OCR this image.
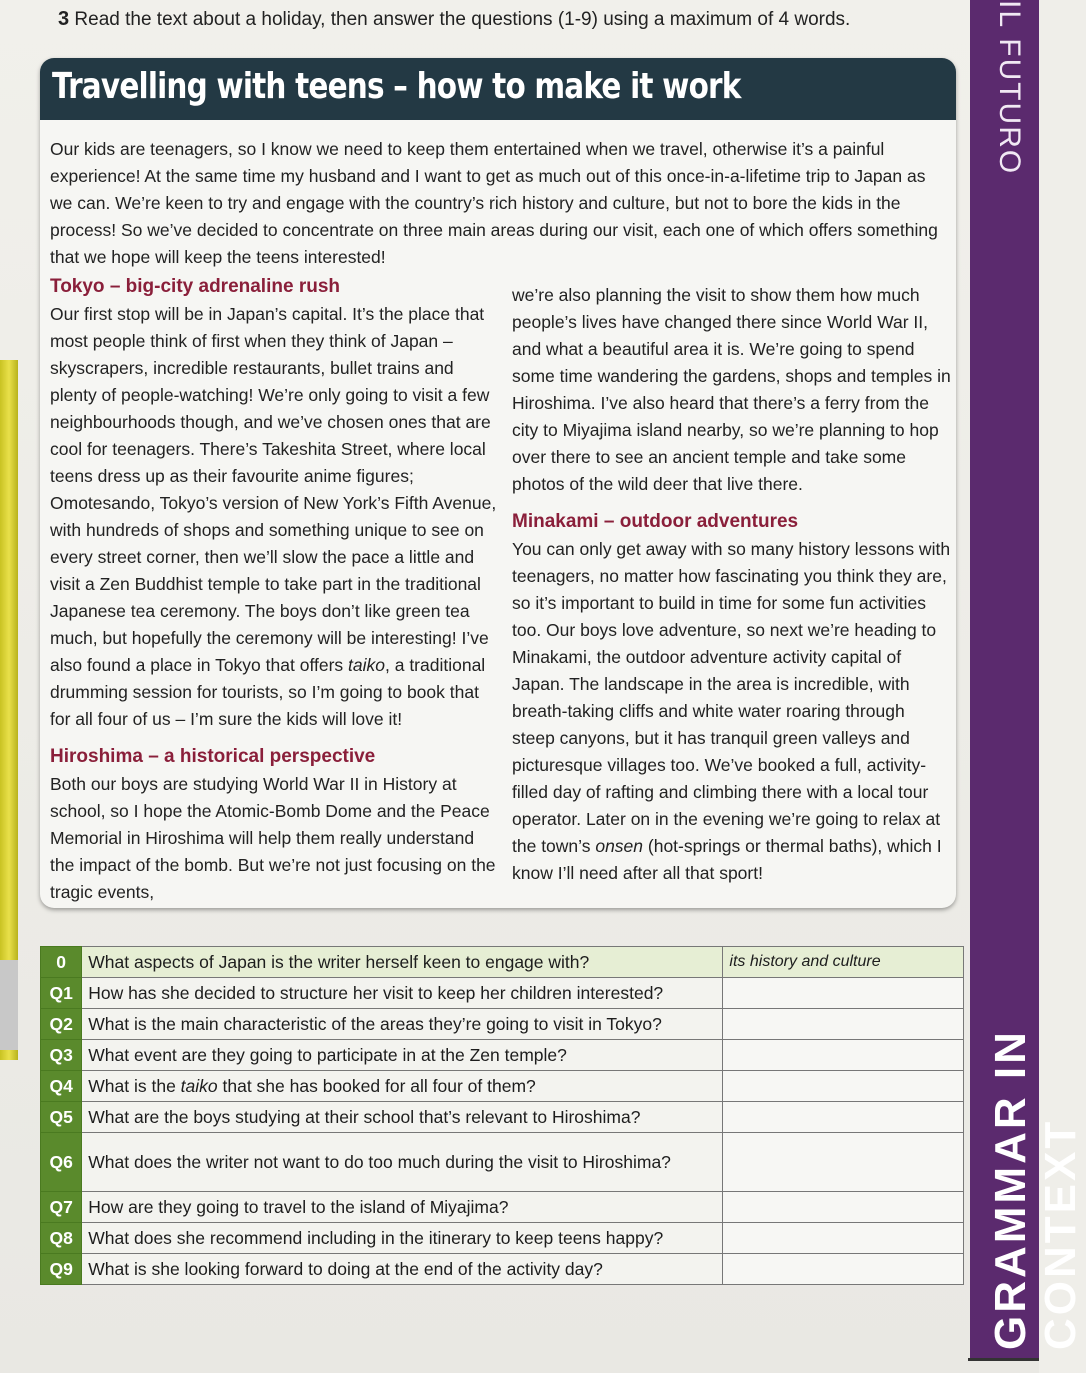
IL FUTURO
GRAMMAR IN CONTEXT
3 Read the text about a holiday, then answer the questions (1-9) using a maximum of 4 words.
Travelling with teens – how to make it work
Our kids are teenagers, so I know we need to keep them entertained when we travel, otherwise it’s a painful experience! At the same time my husband and I want to get as much out of this once-in-a-lifetime trip to Japan as we can. We’re keen to try and engage with the country’s rich history and culture, but not to bore the kids in the process! So we’ve decided to concentrate on three main areas during our visit, each one of which offers something that we hope will keep the teens interested!

Tokyo – big-city adrenaline rush

Our first stop will be in Japan’s capital. It’s the place that most people think of first when they think of Japan – skyscrapers, incredible restaurants, bullet trains and plenty of people-watching! We’re only going to visit a few neighbourhoods though, and we’ve chosen ones that are cool for teenagers. There’s Takeshita Street, where local teens dress up as their favourite anime figures; Omotesando, Tokyo’s version of New York’s Fifth Avenue, with hundreds of shops and something unique to see on every street corner, then we’ll slow the pace a little and visit a Zen Buddhist temple to take part in the traditional Japanese tea ceremony. The boys don’t like green tea much, but hopefully the ceremony will be interesting! I’ve also found a place in Tokyo that offers taiko, a traditional drumming session for tourists, so I’m going to book that for all four of us – I’m sure the kids will love it!

Hiroshima – a historical perspective

Both our boys are studying World War II in History at school, so I hope the Atomic-Bomb Dome and the Peace Memorial in Hiroshima will help them really understand the impact of the bomb. But we’re not just focusing on the tragic events,

we’re also planning the visit to show them how much people’s lives have changed there since World War II, and what a beautiful area it is. We’re going to spend some time wandering the gardens, shops and temples in Hiroshima. I’ve also heard that there’s a ferry from the city to Miyajima island nearby, so we’re planning to hop over there to see an ancient temple and take some photos of the wild deer that live there.

Minakami – outdoor adventures

You can only get away with so many history lessons with teenagers, no matter how fascinating you think they are, so it’s important to build in time for some fun activities too. Our boys love adventure, so next we’re heading to Minakami, the outdoor adventure activity capital of Japan. The landscape in the area is incredible, with breath-taking cliffs and white water roaring through steep canyons, but it has tranquil green valleys and picturesque villages too. We’ve booked a full, activity-filled day of rafting and climbing there with a local tour operator. Later on in the evening we’re going to relax at the town’s onsen (hot-springs or thermal baths), which I know I’ll need after all that sport!

0	What aspects of Japan is the writer herself keen to engage with?	its history and culture
Q1	How has she decided to structure her visit to keep her children interested?	
Q2	What is the main characteristic of the areas they’re going to visit in Tokyo?	
Q3	What event are they going to participate in at the Zen temple?	
Q4	What is the taiko that she has booked for all four of them?	
Q5	What are the boys studying at their school that’s relevant to Hiroshima?	
Q6	What does the writer not want to do too much during the visit to Hiroshima?	
Q7	How are they going to travel to the island of Miyajima?	
Q8	What does she recommend including in the itinerary to keep teens happy?	
Q9	What is she looking forward to doing at the end of the activity day?	
